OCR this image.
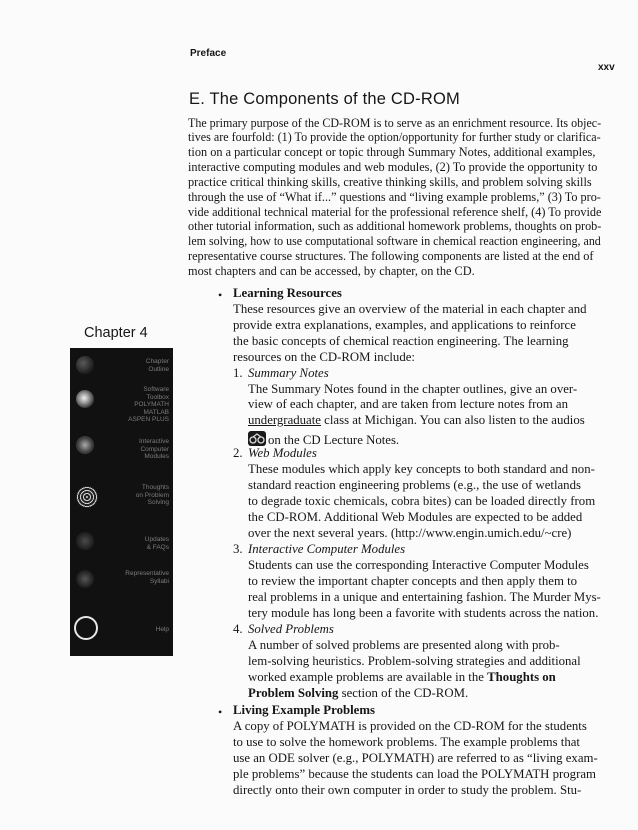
Preface
xxv
E. The Components of the CD-ROM
The primary purpose of the CD-ROM is to serve as an enrichment resource. Its objec-
tives are fourfold: (1) To provide the option/opportunity for further study or clarifica-
tion on a particular concept or topic through Summary Notes, additional examples,
interactive computing modules and web modules, (2) To provide the opportunity to
practice critical thinking skills, creative thinking skills, and problem solving skills
through the use of “What if...” questions and “living example problems,” (3) To pro-
vide additional technical material for the professional reference shelf, (4) To provide
other tutorial information, such as additional homework problems, thoughts on prob-
lem solving, how to use computational software in chemical reaction engineering, and
representative course structures. The following components are listed at the end of
most chapters and can be accessed, by chapter, on the CD.
Chapter 4
Chapter
Outline
Software
Toolbox
POLYMATH
MATLAB
ASPEN PLUS
Interactive
Computer
Modules
Thoughts
on Problem
Solving
Updates
& FAQs
Representative
Syllabi
Help
• Learning Resources
These resources give an overview of the material in each chapter and
provide extra explanations, examples, and applications to reinforce
the basic concepts of chemical reaction engineering. The learning
resources on the CD-ROM include:
1. Summary Notes
The Summary Notes found in the chapter outlines, give an over-
view of each chapter, and are taken from lecture notes from an
undergraduate class at Michigan. You can also listen to the audios
on the CD Lecture Notes.
2. Web Modules
These modules which apply key concepts to both standard and non-
standard reaction engineering problems (e.g., the use of wetlands
to degrade toxic chemicals, cobra bites) can be loaded directly from
the CD-ROM. Additional Web Modules are expected to be added
over the next several years. (http://www.engin.umich.edu/~cre)
3. Interactive Computer Modules
Students can use the corresponding Interactive Computer Modules
to review the important chapter concepts and then apply them to
real problems in a unique and entertaining fashion. The Murder Mys-
tery module has long been a favorite with students across the nation.
4. Solved Problems
A number of solved problems are presented along with prob-
lem-solving heuristics. Problem-solving strategies and additional
worked example problems are available in the Thoughts on
Problem Solving section of the CD-ROM.
• Living Example Problems
A copy of POLYMATH is provided on the CD-ROM for the students
to use to solve the homework problems. The example problems that
use an ODE solver (e.g., POLYMATH) are referred to as “living exam-
ple problems” because the students can load the POLYMATH program
directly onto their own computer in order to study the problem. Stu-
